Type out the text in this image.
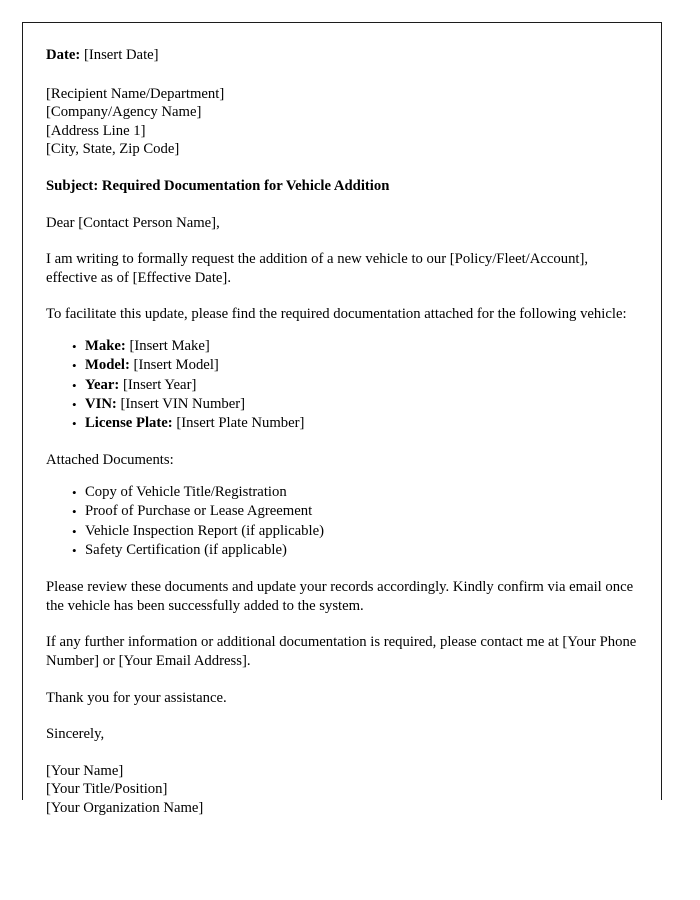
Date: [Insert Date]
[Recipient Name/Department]
[Company/Agency Name]
[Address Line 1]
[City, State, Zip Code]
Subject: Required Documentation for Vehicle Addition
Dear [Contact Person Name],

I am writing to formally request the addition of a new vehicle to our [Policy/Fleet/Account], effective as of [Effective Date].

To facilitate this update, please find the required documentation attached for the following vehicle:

• Make: [Insert Make]
• Model: [Insert Model]
• Year: [Insert Year]
• VIN: [Insert VIN Number]
• License Plate: [Insert Plate Number]
Attached Documents:
• Copy of Vehicle Title/Registration
• Proof of Purchase or Lease Agreement
• Vehicle Inspection Report (if applicable)
• Safety Certification (if applicable)

Please review these documents and update your records accordingly. Kindly confirm via email once the vehicle has been successfully added to the system.

If any further information or additional documentation is required, please contact me at [Your Phone Number] or [Your Email Address].

Thank you for your assistance.

Sincerely,
[Your Name]
[Your Title/Position]
[Your Organization Name]
